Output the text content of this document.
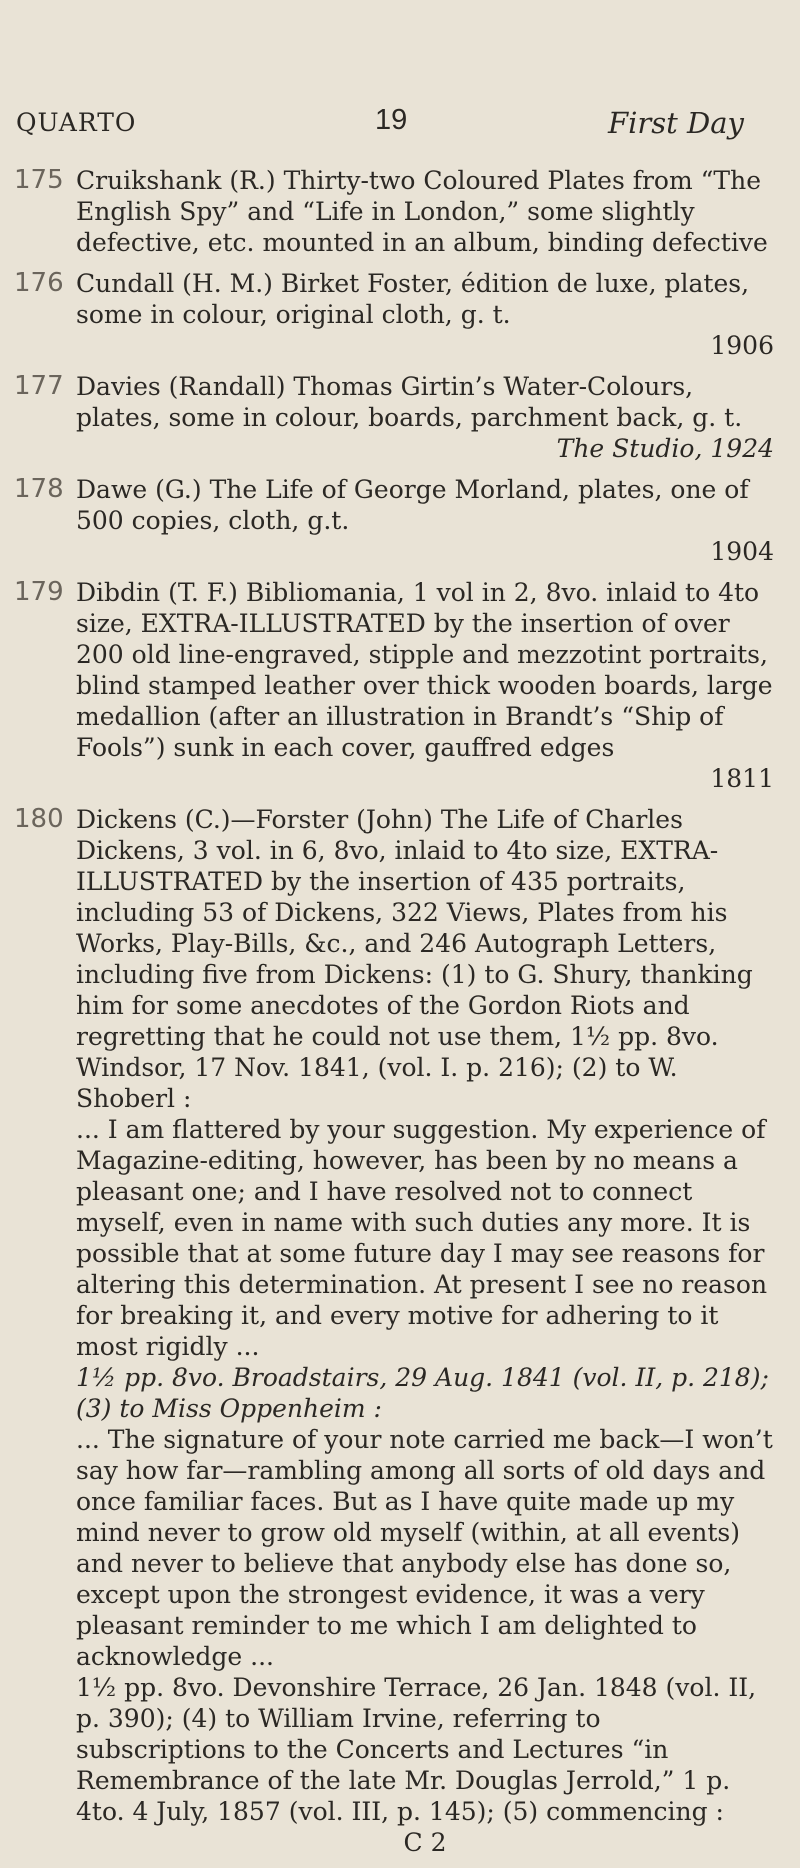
QUARTO	19	First Day
175 Cruikshank (R.) Thirty-two Coloured Plates from “The English Spy” and “Life in London,” some slightly defective, etc. mounted in an album, binding defective

176 Cundall (H. M.) Birket Foster, édition de luxe, plates, some in colour, original cloth, g. t.

1906
177 Davies (Randall) Thomas Girtin’s Water-Colours, plates, some in colour, boards, parchment back, g. t.

The Studio, 1924
178 Dawe (G.) The Life of George Morland, plates, one of 500 copies, cloth, g.t.

1904
179 Dibdin (T. F.) Bibliomania, 1 vol in 2, 8vo. inlaid to 4to size, EXTRA-ILLUSTRATED by the insertion of over 200 old line-engraved, stipple and mezzotint portraits, blind stamped leather over thick wooden boards, large medallion (after an illustration in Brandt’s “Ship of Fools”) sunk in each cover, gauffred edges

1811
180 Dickens (C.)—Forster (John) The Life of Charles Dickens, 3 vol. in 6, 8vo, inlaid to 4to size, EXTRA-ILLUSTRATED by the insertion of 435 portraits, including 53 of Dickens, 322 Views, Plates from his Works, Play-Bills, &c., and 246 Autograph Letters, including five from Dickens: (1) to G. Shury, thanking him for some anecdotes of the Gordon Riots and regretting that he could not use them, 1½ pp. 8vo. Windsor, 17 Nov. 1841, (vol. I. p. 216); (2) to W. Shoberl :

... I am flattered by your suggestion. My experience of Magazine-editing, however, has been by no means a pleasant one; and I have resolved not to connect myself, even in name with such duties any more. It is possible that at some future day I may see reasons for altering this determination. At present I see no reason for breaking it, and every motive for adhering to it most rigidly ...

1½ pp. 8vo. Broadstairs, 29 Aug. 1841 (vol. II, p. 218); (3) to Miss Oppenheim :

... The signature of your note carried me back—I won’t say how far—rambling among all sorts of old days and once familiar faces. But as I have quite made up my mind never to grow old myself (within, at all events) and never to believe that anybody else has done so, except upon the strongest evidence, it was a very pleasant reminder to me which I am delighted to acknowledge ...

1½ pp. 8vo. Devonshire Terrace, 26 Jan. 1848 (vol. II, p. 390); (4) to William Irvine, referring to subscriptions to the Concerts and Lectures “in Remembrance of the late Mr. Douglas Jerrold,” 1 p. 4to. 4 July, 1857 (vol. III, p. 145); (5) commencing :

C 2
